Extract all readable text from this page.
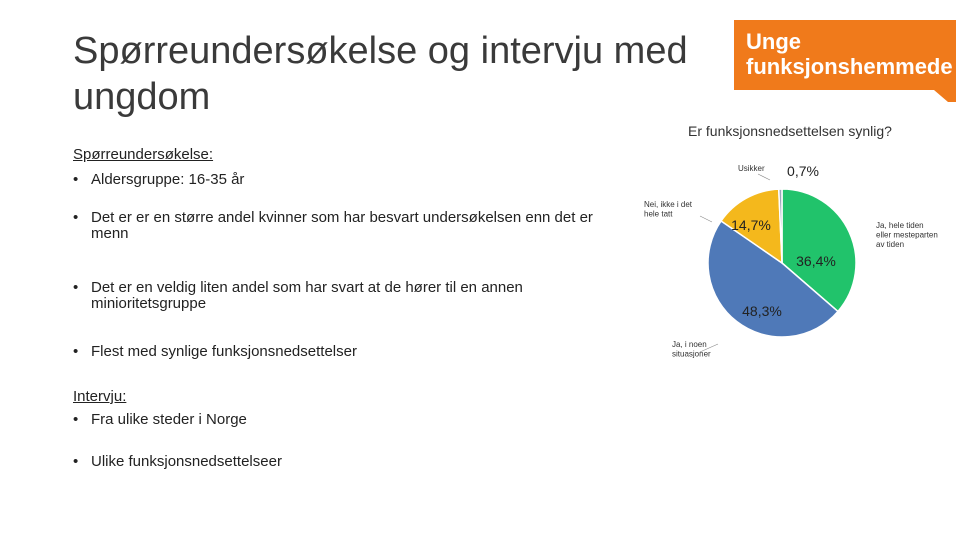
Spørreundersøkelse og intervju med
ungdom
Unge
funksjonshemmede

Spørreundersøkelse:

• Aldersgruppe: 16-35 år
• Det er er en større andel kvinner som har besvart undersøkelsen enn det er menn
• Det er en veldig liten andel som har svart at de hører til en annen minioritetsgruppe
• Flest med synlige funksjonsnedsettelser

Intervju:

• Fra ulike steder i Norge
• Ulike funksjonsnedsettelseer
Er funksjonsnedsettelsen synlig?
36,4%
Ja, hele tiden eller mesteparten av tiden
48,3%
Ja, i noen situasjoner
14,7%
Nei, ikke i det hele tatt
0,7%
Usikker
